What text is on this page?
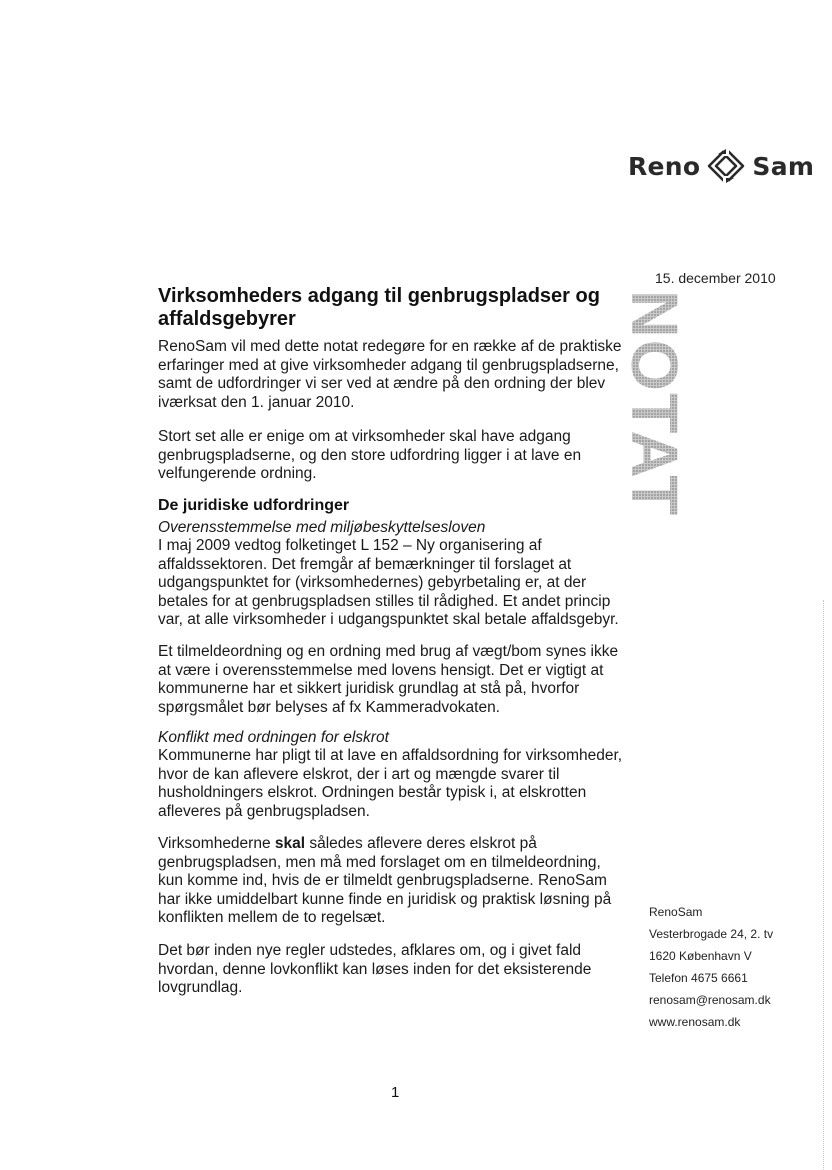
Reno Sam
15. december 2010
NOTAT
Virksomheders adgang til genbrugspladser og
affaldsgebyrer

RenoSam vil med dette notat redegøre for en række af de praktiske
erfaringer med at give virksomheder adgang til genbrugspladserne,
samt de udfordringer vi ser ved at ændre på den ordning der blev
iværksat den 1. januar 2010.

Stort set alle er enige om at virksomheder skal have adgang
genbrugspladserne, og den store udfordring ligger i at lave en
velfungerende ordning.

De juridiske udfordringer
Overensstemmelse med miljøbeskyttelsesloven

I maj 2009 vedtog folketinget L 152 – Ny organisering af
affaldssektoren. Det fremgår af bemærkninger til forslaget at
udgangspunktet for (virksomhedernes) gebyrbetaling er, at der
betales for at genbrugspladsen stilles til rådighed. Et andet princip
var, at alle virksomheder i udgangspunktet skal betale affaldsgebyr.

Et tilmeldeordning og en ordning med brug af vægt/bom synes ikke
at være i overensstemmelse med lovens hensigt. Det er vigtigt at
kommunerne har et sikkert juridisk grundlag at stå på, hvorfor
spørgsmålet bør belyses af fx Kammeradvokaten.

Konflikt med ordningen for elskrot

Kommunerne har pligt til at lave en affaldsordning for virksomheder,
hvor de kan aflevere elskrot, der i art og mængde svarer til
husholdningers elskrot. Ordningen består typisk i, at elskrotten
afleveres på genbrugspladsen.

Virksomhederne skal således aflevere deres elskrot på
genbrugspladsen, men må med forslaget om en tilmeldeordning,
kun komme ind, hvis de er tilmeldt genbrugspladserne. RenoSam
har ikke umiddelbart kunne finde en juridisk og praktisk løsning på
konflikten mellem de to regelsæt.

Det bør inden nye regler udstedes, afklares om, og i givet fald
hvordan, denne lovkonflikt kan løses inden for det eksisterende
lovgrundlag.

RenoSam
Vesterbrogade 24, 2. tv
1620 København V
Telefon 4675 6661
renosam@renosam.dk
www.renosam.dk
1
